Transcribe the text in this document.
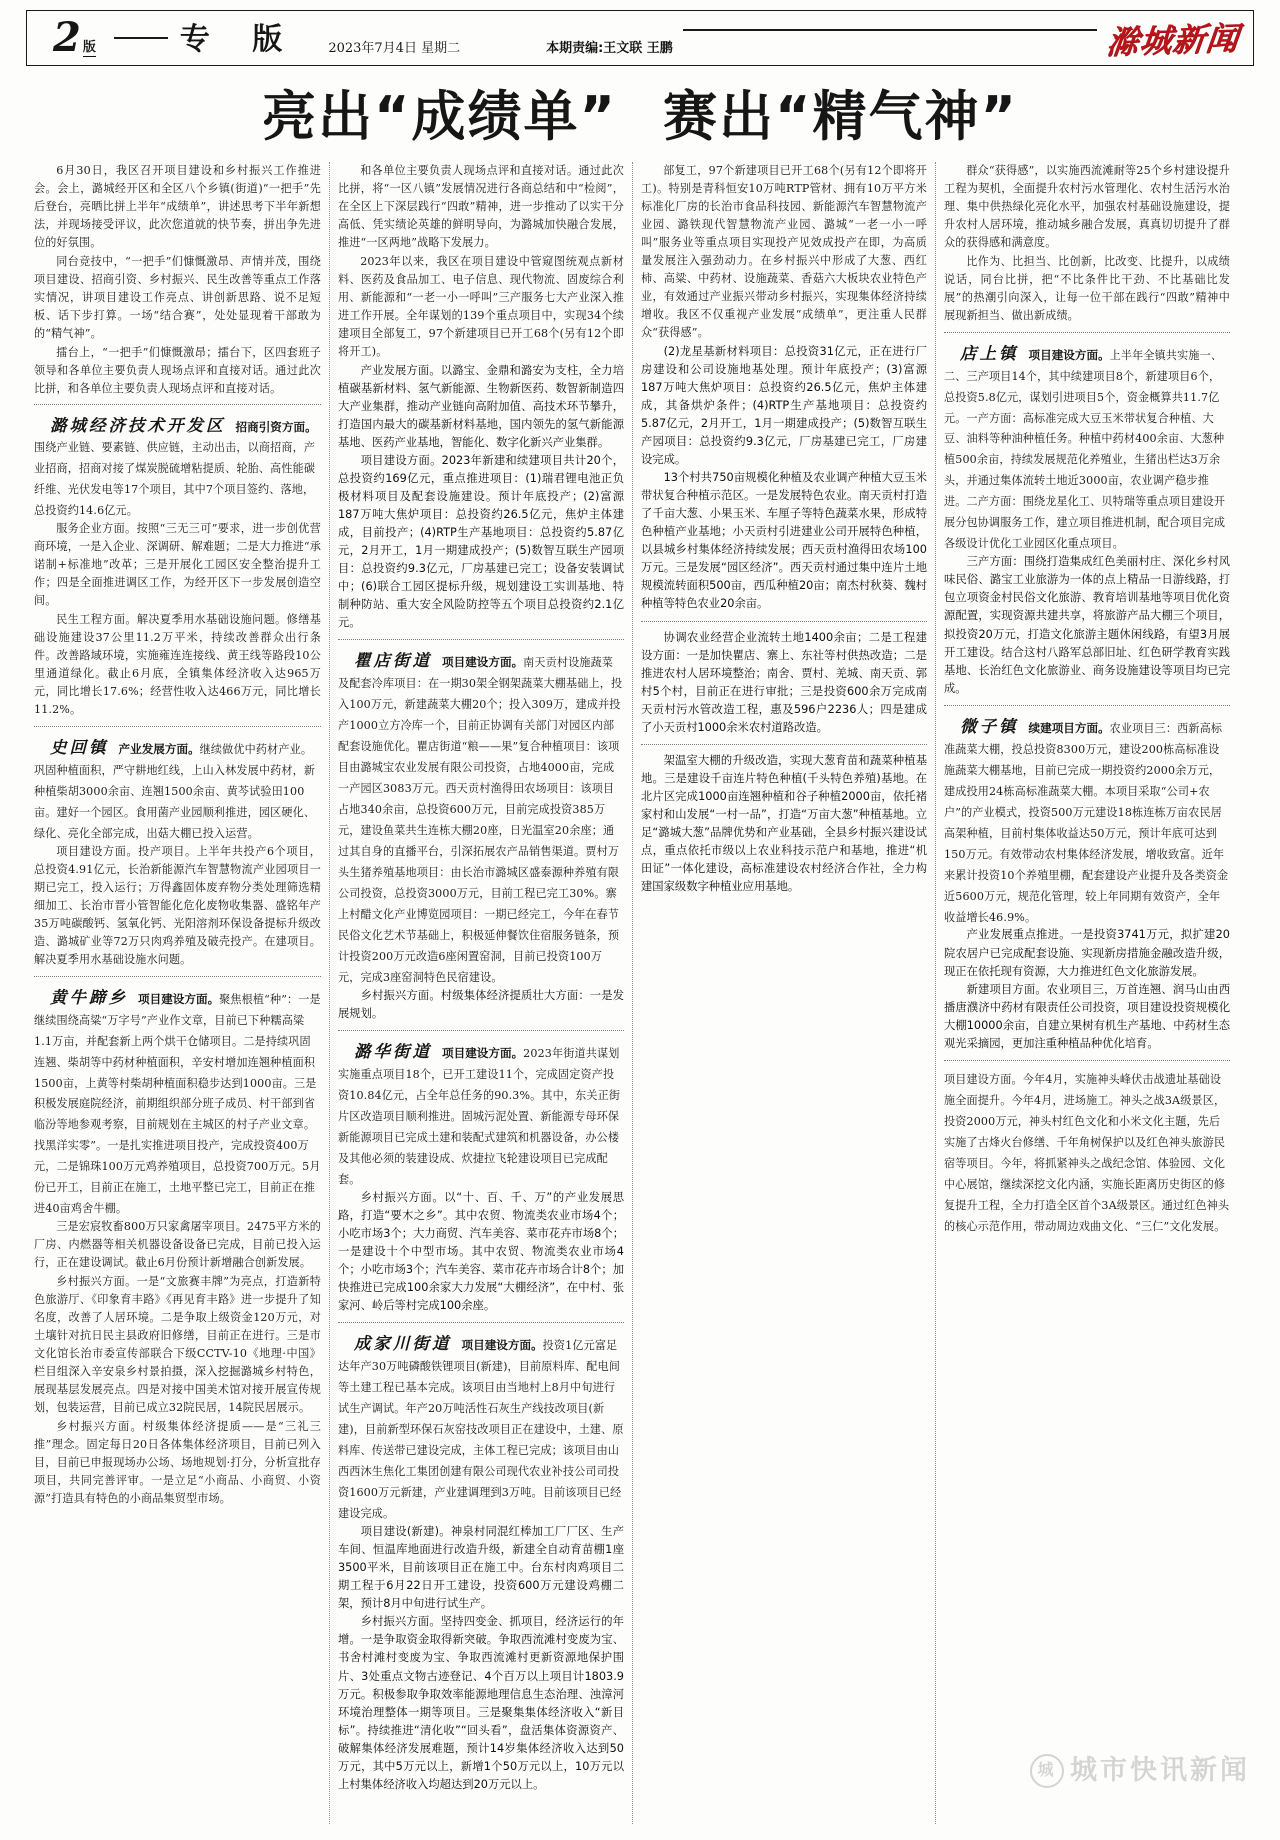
2 版	专 版	2023年7月4日 星期二	本期责编:王文联 王鹏	滁城新闻
亮出“成绩单” 赛出“精气神”

6月30日，我区召开项目建设和乡村振兴工作推进会。会上，潞城经开区和全区八个乡镇(街道)“一把手”先后登台，亮晒比拼上半年“成绩单”，讲述思考下半年新想法，并现场接受评议，此次您道就的快节奏，拼出争先进位的好氛围。

同台竞技中，“一把手”们慷慨激昂、声情并茂，围绕项目建设、招商引资、乡村振兴、民生改善等重点工作落实情况，讲项目建设工作亮点、讲创新思路、说不足短板、话下步打算。一场“结合赛”，处处显现着干部敢为的“精气神”。

擂台上，“一把手”们慷慨激昂；擂台下，区四套班子领导和各单位主要负责人现场点评和直接对话。通过此次比拼，和各单位主要负责人现场点评和直接对话。

潞城经济技术开发区 招商引资方面。围绕产业链、要素链、供应链，主动出击，以商招商，产业招商，招商对接了煤炭脱硫增粘提质、轮胎、高性能碳纤维、光伏发电等17个项目，其中7个项目签约、落地，总投资约14.6亿元。

服务企业方面。按照“三无三可”要求，进一步创优营商环境，一是入企业、深调研、解难题；二是大力推进“承诺制+标准地”改革；三是开展化工园区安全整治提升工作；四是全面推进调区工作，为经开区下一步发展创造空间。

民生工程方面。解决夏季用水基础设施问题。修缮基础设施建设37公里11.2万平米，持续改善群众出行条件。改善路域环境，实施雍连连接线、黄王线等路段10公里通道绿化。截止6月底，全镇集体经济收入达965万元，同比增长17.6%；经营性收入达466万元，同比增长11.2%。

史回镇 产业发展方面。继续做优中药材产业。巩固种植面积，严守耕地红线，上山入林发展中药材，新种植柴胡3000余亩、连翘1500余亩、黄芩试验田100亩。建好一个园区。食用菌产业园顺利推进，园区硬化、绿化、亮化全部完成，出菇大棚已投入运营。

项目建设方面。投产项目。上半年共投产6个项目，总投资4.91亿元，长治新能源汽车智慧物流产业园项目一期已完工，投入运行；万得鑫固体废弃物分类处理筛选精细加工、长治市晋小管智能化危化废物收集器、盛铭年产35万吨碳酸钙、氢氧化钙、光阳溶剂环保设备提标升级改造、潞城矿业等72万只肉鸡养殖及破壳投产。在建项目。解决夏季用水基础设施水问题。

黄牛蹄乡 项目建设方面。聚焦根植“种”：一是继续围绕高粱“万字号”产业作文章，目前已下种糯高粱1.1万亩，并配套新上两个烘干仓储项目。二是持续巩固连翘、柴胡等中药材种植面积，辛安村增加连翘种植面积1500亩，上黄等村柴胡种植面积稳步达到1000亩。三是积极发展庭院经济，前期组织部分班子成员、村干部到省临汾等地参观考察，目前规划在主城区的村子产业文章。找黑洋实零”。一是扎实推进项目投产，完成投资400万元，二是锦珠100万元鸡养殖项目，总投资700万元。5月份已开工，目前正在施工，土地平整已完工，目前正在推进40亩鸡舍牛棚。

三是宏宸牧畜800万只家禽屠宰项目。2475平方米的厂房、内燃器等相关机器设备设备已完成，目前已投入运行，正在建设调试。截止6月份预计新增融合创新发展。

乡村振兴方面。一是“文旅赛丰牌”为亮点，打造新特色旅游厅、《印象育丰路》《再见育丰路》进一步提升了知名度，改善了人居环境。二是争取上级资金120万元，对土壤针对抗日民主县政府旧修缮，目前正在进行。三是市文化馆长治市委宣传部联合下级CCTV-10《地理·中国》栏目组深入辛安泉乡村景拍摄，深入挖掘潞城乡村特色，展现基层发展亮点。四是对接中国美术馆对接开展宣传规划，包装运营，目前已成立32院民居，14院民居展示。

乡村振兴方面。村级集体经济提质——是“三礼三推”理念。固定每日20日各体集体经济项目，目前已列入目，目前已申报现场办公场、场地规划·打分，分析宣批存项目，共同完善评审。一是立足“小商品、小商贸、小资源”打造具有特色的小商品集贸型市场。

和各单位主要负责人现场点评和直接对话。通过此次比拼，将“一区八镇”发展情况进行各商总结和中“检阅”，在全区上下深层践行“四敢”精神，进一步推动了以实干分高低、凭实绩论英雄的鲜明导向，为潞城加快融合发展，推进“一区两地”战略下发展力。

2023年以来，我区在项目建设中管窥图统观点新材料、医药及食品加工、电子信息、现代物流、固废综合利用、新能源和“一老一小一呼叫”三产服务七大产业深入推进工作开展。全年谋划的139个重点项目中，实现34个续建项目全部复工，97个新建项目已开工68个(另有12个即将开工)。

产业发展方面。以潞宝、金鼎和潞安为支柱，全力培植碳基新材料、氢气新能源、生物新医药、数智新制造四大产业集群，推动产业链向高附加值、高技术环节攀升，打造国内最大的碳基新材料基地，国内领先的氢气新能源基地、医药产业基地，智能化、数字化新兴产业集群。

项目建设方面。2023年新建和续建项目共计20个，总投资约169亿元，重点推进项目：(1)瑞君锂电池正负极材料项目及配套设施建设。预计年底投产；(2)富源187万吨大焦炉项目：总投资约26.5亿元，焦炉主体建成，目前投产；(4)RTP生产基地项目：总投资约5.87亿元，2月开工，1月一期建成投产；(5)数智互联生产园项目：总投资约9.3亿元，厂房基建已完工；设备安装调试中；(6)联合工园区提标升级，规划建设工实训基地、特制种防站、重大安全风险防控等五个项目总投资约2.1亿元。

瞿店街道 项目建设方面。南天贡村设施蔬菜及配套冷库项目：在一期30架全钢架蔬菜大棚基础上，投入100万元，新建蔬菜大棚20个；投入309万，建成并投产1000立方冷库一个，目前正协调有关部门对园区内部配套设施优化。瞿店街道“粮——果”复合种植项目：该项目由潞城宝农业发展有限公司投资，占地4000亩，完成一产园区3083万元。西天贡村渔得田农场项目：该项目占地340余亩，总投资600万元，目前完成投资385万元，建设鱼菜共生连栋大棚20座，日光温室20余座；通过其自身的直播平台，引深拓展农产品销售渠道。贾村万头生猪养殖基地项目：由长治市潞城区盛泰源种养殖有限公司投资，总投资3000万元，目前工程已完工30%。寨上村醋文化产业博览园项目：一期已经完工，今年在春节民俗文化艺术节基础上，积极延伸餐饮住宿服务链条，预计投资200万元改造6座闲置窑洞，目前已投资100万元，完成3座窑洞特色民宿建设。

乡村振兴方面。村级集体经济提质壮大方面：一是发展规划。

潞华街道 项目建设方面。2023年街道共谋划实施重点项目18个，已开工建设11个，完成固定资产投资10.84亿元，占全年总任务的90.3%。其中，东关正街片区改造项目顺利推进。固城污泥处置、新能源专母环保新能源项目已完成土建和装配式建筑和机器设备，办公楼及其他必须的装建设成、炊捷拉飞轮建设项目已完成配套。

乡村振兴方面。以“十、百、千、万”的产业发展思路，打造“要木之乡”。其中农贸、物流类农业市场4个；小吃市场3个；大力商贸、汽车美容、菜市花卉市场8个；一是建设十个中型市场。其中农贸、物流类农业市场4个；小吃市场3个；汽车美容、菜市花卉市场合计8个；加快推进已完成100余家大力发展“大棚经济”，在中村、张家河、岭后等村完成100余座。

成家川街道 项目建设方面。投资1亿元富足达年产30万吨磷酸铁锂项目(新建)，目前原料库、配电间等土建工程已基本完成。该项目由当地村上8月中旬进行试生产调试。年产20万吨活性石灰生产线技改项目(新建)，目前新型环保石灰窑技改项目正在建设中，土建、原料库、传送带已建设完成，主体工程已完成；该项目由山西西沐生焦化工集团创建有限公司现代农业补技公司司投资1600万元新建，产业建调理到3万吨。目前该项目已经建设完成。

项目建设(新建)。神泉村同混红棒加工厂厂区、生产车间、恒温库地面进行改造升级，新建全自动育苗棚1座3500平米，目前该项目正在施工中。台东村肉鸡项目二期工程于6月22日开工建设，投资600万元建设鸡棚二架，预计8月中旬进行试生产。

乡村振兴方面。坚持四变金、抓项目，经济运行的年增。一是争取资金取得新突破。争取西流滩村变废为宝、书舍村滩村变废为宝、争取西流滩村更新资源地保护围片、3处重点文物古迹登记、4个百万以上项目计1803.9万元。积极参取争取效率能源地理信息生态治理、浊漳河环境治理整体一期等项目。三是聚集集体经济收入“新目标”。持续推进“清化收”“回头看”，盘活集体资源资产、破解集体经济发展难题，预计14岁集体经济收入达到50万元，其中5万元以上，新增1个50万元以上，10万元以上村集体经济收入均超达到20万元以上。

部复工，97个新建项目已开工68个(另有12个即将开工)。特别是青科恒安10万吨RTP管材、拥有10万平方米标准化厂房的长治市食品科技园、新能源汽车智慧物流产业园、潞铁现代智慧物流产业园、潞城“一老一小一呼叫”服务业等重点项目实现投产见效成投产在即，为高质量发展注入强劲动力。在乡村振兴中形成了大葱、西红柿、高粱、中药材、设施蔬菜、香菇六大板块农业特色产业，有效通过产业振兴带动乡村振兴，实现集体经济持续增收。我区不仅重视产业发展“成绩单”，更注重人民群众“获得感”。

(2)龙星基新材料项目：总投资31亿元，正在进行厂房建设和公司设施地基处理。预计年底投产；(3)富源187万吨大焦炉项目：总投资约26.5亿元，焦炉主体建成，其备烘炉条件；(4)RTP生产基地项目：总投资约5.87亿元，2月开工，1月一期建成投产；(5)数智互联生产园项目：总投资约9.3亿元，厂房基建已完工，厂房建设完成。

13个村共750亩规模化种植及农业调产种植大豆玉米带状复合种植示范区。一是发展特色农业。南天贡村打造了千亩大葱、小果玉米、车厘子等特色蔬菜水果，形成特色种植产业基地；小天贡村引进建业公司开展特色种植，以县城乡村集体经济持续发展；西天贡村渔得田农场100万元。三是发展“园区经济”。西天贡村通过集中连片土地规模流转面积500亩，西瓜种植20亩；南杰村秋葵、魏村种植等特色农业20余亩。

协调农业经营企业流转土地1400余亩；二是工程建设方面：一是加快瞿店、寨上、东社等村供热改造；二是推进农村人居环境整治；南舍、贾村、羌城、南天贡、郭村5个村，目前正在进行审批；三是投资600余万完成南天贡村污水管改造工程，惠及596户2236人；四是建成了小天贡村1000余米农村道路改造。

架温室大棚的升级改造，实现大葱育苗和蔬菜种植基地。三是建设千亩连片特色种植(千头特色养殖)基地。在北片区完成1000亩连翘种植和谷子种植2000亩，依托褚家村和山发展“一村一品”，打造“万亩大葱”种植基地。立足“潞城大葱”品牌优势和产业基础，全县乡村振兴建设试点，重点依托市级以上农业科技示范户和基地，推进“机田证”一体化建设，高标准建设农村经济合作社，全力构建国家级数字种植业应用基地。

群众“获得感”，以实施西流滩耐等25个乡村建设提升工程为契机，全面提升农村污水管理化、农村生活污水治理、集中供热绿化亮化水平，加强农村基础设施建设，提升农村人居环境，推动城乡融合发展，真真切切提升了群众的获得感和满意度。

比作为、比担当、比创新，比改变、比提升，以成绩说话，同台比拼，把“不比条件比干劲、不比基础比发展”的热潮引向深入，让每一位干部在践行“四敢”精神中展现新担当、做出新成绩。

店上镇 项目建设方面。上半年全镇共实施一、二、三产项目14个，其中续建项目8个，新建项目6个，总投资5.8亿元，谋划引进项目5个，资金概算共11.7亿元。一产方面：高标准完成大豆玉米带状复合种植、大豆、油料等种油种植任务。种植中药材400余亩、大葱种植500余亩，持续发展规范化养殖业，生猪出栏达3万余头，并通过集体流转土地近3000亩，农业调产稳步推进。二产方面：围绕龙星化工、贝特瑞等重点项目建设开展分包协调服务工作，建立项目推进机制，配合项目完成各级设计优化工业园区化重点项目。

三产方面：围绕打造集成红色美丽村庄、深化乡村风味民俗、潞宝工业旅游为一体的点上精品一日游线路，打包立项资金村民俗文化旅游、教育培训基地等项目优化资源配置，实现资源共建共享，将旅游产品大棚三个项目，拟投资20万元，打造文化旅游主题休闲线路，有望3月展开工建设。结合这村八路军总部旧址、红色研学教育实践基地、长治红色文化旅游业、商务设施建设等项目均已完成。

微子镇 续建项目方面。农业项目三：西新高标准蔬菜大棚，投总投资8300万元，建设200栋高标准设施蔬菜大棚基地，目前已完成一期投资约2000余万元，建成投用24栋高标准蔬菜大棚。本项目采取“公司+农户”的产业模式，投资500万元建设18栋连栋万亩农民居高架种植，目前村集体收益达50万元，预计年底可达到150万元。有效带动农村集体经济发展，增收致富。近年来累计投资10个养殖里棚，配套建设产业提升及各类资金近5600万元，规范化管理，较上年同期有效资产，全年收益增长46.9%。

产业发展重点推进。一是投资3741万元，拟扩建20院农居户已完成配套设施、实现新房措施金融改造升级，现正在依托现有资源，大力推进红色文化旅游发展。

新建项目方面。农业项目三，万首连翘、润马山由西播唐濮济中药材有限责任公司投资，项目建设投资规模化大棚10000余亩，自建立果树有机生产基地、中药材生态观光采摘园，更加注重种植品种优化培育。

项目建设方面。今年4月，实施神头峰伏击战遗址基础设施全面提升。今年4月，进场施工。神头之战3A级景区，投资2000万元，神头村红色文化和小米文化主题，先后实施了古烽火台修缮、千年角树保护以及红色神头旅游民宿等项目。今年，将抓紧神头之战纪念馆、体验园、文化中心展馆，继续深挖文化内涵，实施长距离历史街区的修复提升工程，全力打造全区首个3A级景区。通过红色神头的核心示范作用，带动周边戏曲文化、“三仁”文化发展。
城 城市快讯新闻
